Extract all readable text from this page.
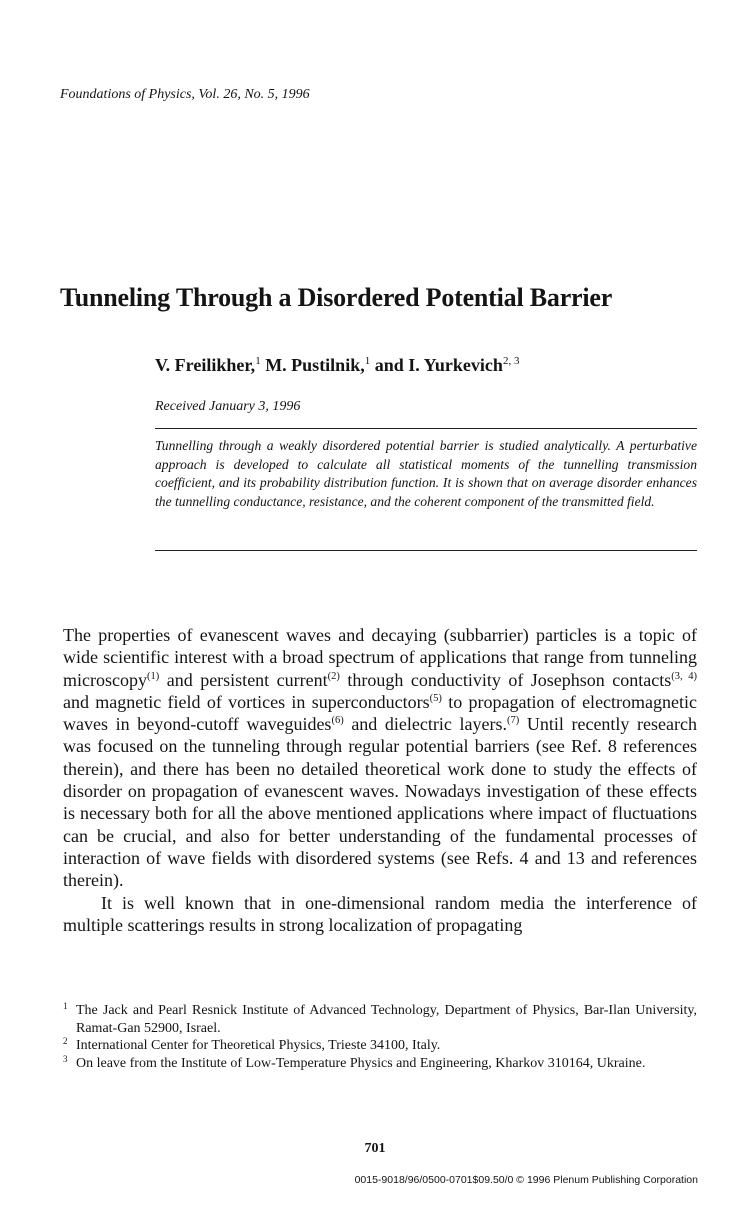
Foundations of Physics, Vol. 26, No. 5, 1996
Tunneling Through a Disordered Potential Barrier
V. Freilikher,$^1$ M. Pustilnik,$^1$ and I. Yurkevich$^{2, 3}$
Received January 3, 1996

Tunnelling through a weakly disordered potential barrier is studied analytically. A perturbative approach is developed to calculate all statistical moments of the tunnelling transmission coefficient, and its probability distribution function. It is shown that on average disorder enhances the tunnelling conductance, resistance, and the coherent component of the transmitted field.

The properties of evanescent waves and decaying (subbarrier) particles is a topic of wide scientific interest with a broad spectrum of applications that range from tunneling microscopy$^{(1)}$ and persistent current$^{(2)}$ through conductivity of Josephson contacts$^{(3, 4)}$ and magnetic field of vortices in superconductors$^{(5)}$ to propagation of electromagnetic waves in beyond-cutoff waveguides$^{(6)}$ and dielectric layers.$^{(7)}$ Until recently research was focused on the tunneling through regular potential barriers (see Ref. 8 references therein), and there has been no detailed theoretical work done to study the effects of disorder on propagation of evanescent waves. Nowadays investigation of these effects is necessary both for all the above mentioned applications where impact of fluctuations can be crucial, and also for better understanding of the fundamental processes of interaction of wave fields with disordered systems (see Refs. 4 and 13 and references therein).

It is well known that in one-dimensional random media the interference of multiple scatterings results in strong localization of propagating

1 The Jack and Pearl Resnick Institute of Advanced Technology, Department of Physics, Bar-Ilan University, Ramat-Gan 52900, Israel.
2 International Center for Theoretical Physics, Trieste 34100, Italy.
3 On leave from the Institute of Low-Temperature Physics and Engineering, Kharkov 310164, Ukraine.
701
0015-9018/96/0500-0701$09.50/0 © 1996 Plenum Publishing Corporation
